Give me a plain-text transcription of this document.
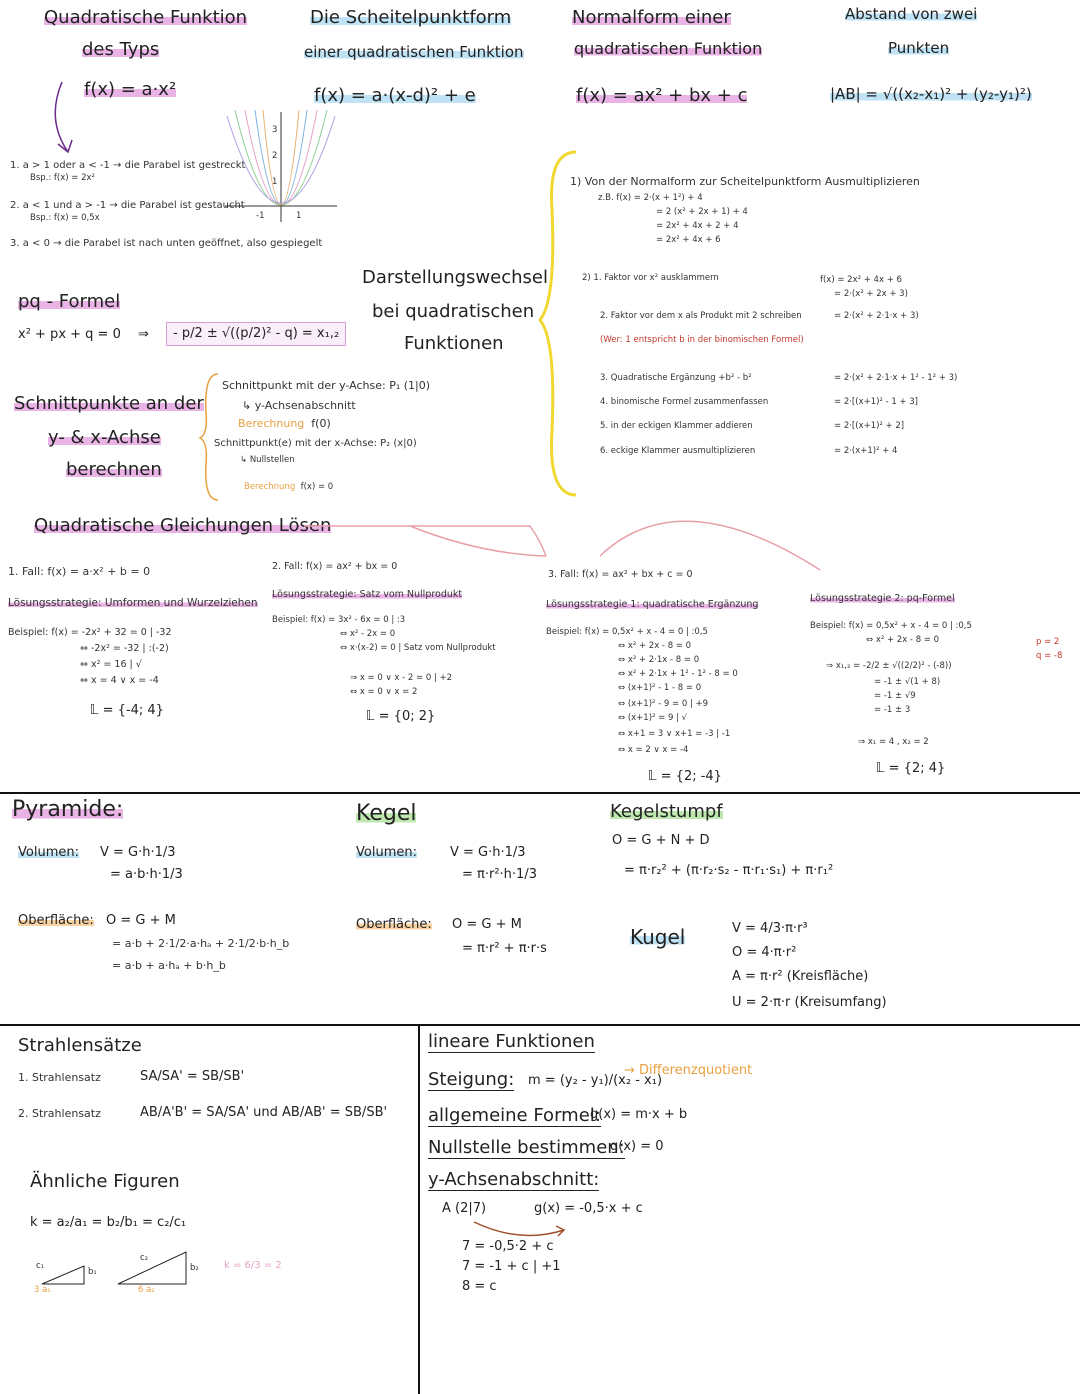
Quadratische Funktion
des Typs
f(x) = a·x²
Die Scheitelpunktform
einer quadratischen Funktion
f(x) = a·(x-d)² + e
Normalform einer
quadratischen Funktion
f(x) = ax² + bx + c
Abstand von zwei
Punkten
|AB| = √((x₂-x₁)² + (y₂-y₁)²)
1. a > 1 oder a < -1 → die Parabel ist gestreckt
Bsp.: f(x) = 2x²
2. a < 1 und a > -1 → die Parabel ist gestaucht
Bsp.: f(x) = 0,5x
3. a < 0 → die Parabel ist nach unten geöffnet, also gespiegelt
3
2
1
-1	1
pq - Formel
x² + px + q = 0 ⇒	- p/2 ± √((p/2)² - q) = x₁,₂
Darstellungswechsel
bei quadratischen
Funktionen
1) Von der Normalform zur Scheitelpunktform Ausmultiplizieren
z.B. f(x) = 2·(x + 1²) + 4
= 2 (x² + 2x + 1) + 4
= 2x² + 4x + 2 + 4
= 2x² + 4x + 6
2) 1. Faktor vor x² ausklammern
2. Faktor vor dem x als Produkt mit 2 schreiben
(Wer: 1 entspricht b in der binomischen Formel)
3. Quadratische Ergänzung +b² - b²
4. binomische Formel zusammenfassen
5. in der eckigen Klammer addieren
6. eckige Klammer ausmultiplizieren
f(x) = 2x² + 4x + 6
= 2·(x² + 2x + 3)
= 2·(x² + 2·1·x + 3)
= 2·(x² + 2·1·x + 1² - 1² + 3)
= 2·[(x+1)² - 1 + 3]
= 2·[(x+1)² + 2]
= 2·(x+1)² + 4
Schnittpunkte an der
y- & x-Achse
berechnen
Schnittpunkt mit der y-Achse: P₁ (1|0)
↳ y-Achsenabschnitt
Berechnung f(0)
Schnittpunkt(e) mit der x-Achse: P₂ (x|0)
↳ Nullstellen
Berechnung f(x) = 0
Quadratische Gleichungen Lösen
1. Fall: f(x) = a·x² + b = 0
Lösungsstrategie: Umformen und Wurzelziehen
Beispiel: f(x) = -2x² + 32 = 0 | -32
⇔ -2x² = -32 | :(-2)
⇔ x² = 16 | √
⇔ x = 4 ∨ x = -4
𝕃 = {-4; 4}
2. Fall: f(x) = ax² + bx = 0
Lösungsstrategie: Satz vom Nullprodukt
Beispiel: f(x) = 3x² - 6x = 0 | :3
⇔ x² - 2x = 0
⇔ x·(x-2) = 0 | Satz vom Nullprodukt
⇒ x = 0 ∨ x - 2 = 0 | +2
⇔ x = 0 ∨ x = 2
𝕃 = {0; 2}
3. Fall: f(x) = ax² + bx + c = 0
Lösungsstrategie 1: quadratische Ergänzung
Beispiel: f(x) = 0,5x² + x - 4 = 0 | :0,5
⇔ x² + 2x - 8 = 0
⇔ x² + 2·1x - 8 = 0
⇔ x² + 2·1x + 1² - 1² - 8 = 0
⇔ (x+1)² - 1 - 8 = 0
⇔ (x+1)² - 9 = 0 | +9
⇔ (x+1)² = 9 | √
⇔ x+1 = 3 ∨ x+1 = -3 | -1
⇔ x = 2 ∨ x = -4
𝕃 = {2; -4}
Lösungsstrategie 2: pq-Formel
Beispiel: f(x) = 0,5x² + x - 4 = 0 | :0,5
⇔ x² + 2x - 8 = 0
⇒ x₁,₂ = -2/2 ± √((2/2)² - (-8))
= -1 ± √(1 + 8)
= -1 ± √9
= -1 ± 3
⇒ x₁ = 4 , x₂ = 2
p = 2
q = -8
𝕃 = {2; 4}
Pyramide:
Volumen: V = G·h·1/3
= a·b·h·1/3
Oberfläche: O = G + M
= a·b + 2·1/2·a·hₐ + 2·1/2·b·h_b
= a·b + a·hₐ + b·h_b
Kegel
Volumen:	V = G·h·1/3
= π·r²·h·1/3
Oberfläche: O = G + M
= π·r² + π·r·s
Kegelstumpf
O = G + N + D
= π·r₂² + (π·r₂·s₂ - π·r₁·s₁) + π·r₁²
Kugel	V = 4/3·π·r³
O = 4·π·r²
A = π·r² (Kreisfläche)
U = 2·π·r (Kreisumfang)
Strahlensätze
1. Strahlensatz	SA/SA' = SB/SB'
2. Strahlensatz	AB/A'B' = SA/SA' und AB/AB' = SB/SB'
Ähnliche Figuren
k = a₂/a₁ = b₂/b₁ = c₂/c₁
c₁
b₁
3 a₁
c₂
b₂
6 a₂
k = 6/3 = 2
lineare Funktionen
Steigung: m = (y₂ - y₁)/(x₂ - x₁)
→ Differenzquotient
allgemeine Formel:
g(x) = m·x + b
Nullstelle bestimmen:
g(x) = 0
y-Achsenabschnitt:
A (2|7)	g(x) = -0,5·x + c
7 = -0,5·2 + c
7 = -1 + c | +1
8 = c
